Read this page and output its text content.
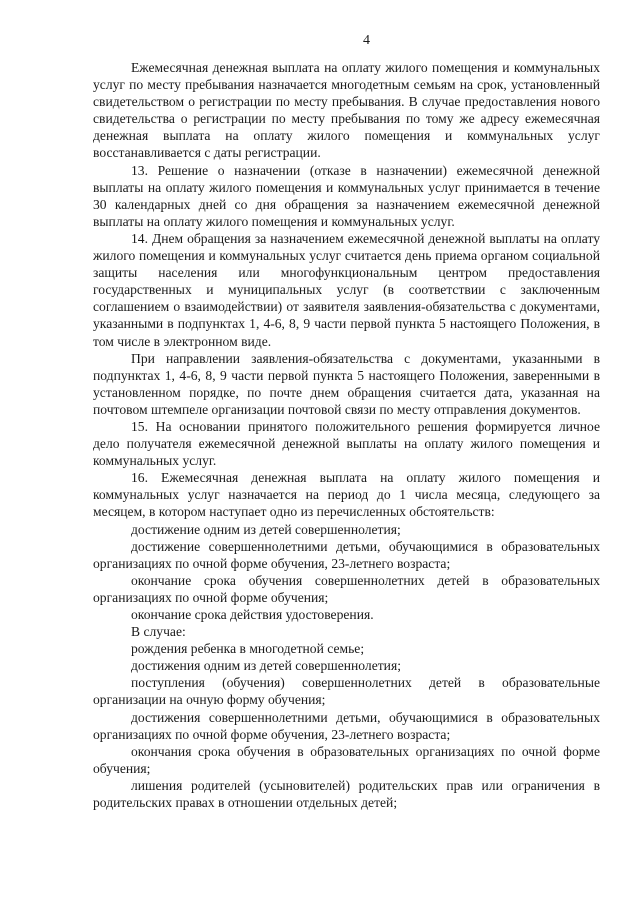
4

Ежемесячная денежная выплата на оплату жилого помещения и коммунальных услуг по месту пребывания назначается многодетным семьям на срок, установленный свидетельством о регистрации по месту пребывания. В случае предоставления нового свидетельства о регистрации по месту пребывания по тому же адресу ежемесячная денежная выплата на оплату жилого помещения и коммунальных услуг восстанавливается с даты регистрации.

13. Решение о назначении (отказе в назначении) ежемесячной денежной выплаты на оплату жилого помещения и коммунальных услуг принимается в течение 30 календарных дней со дня обращения за назначением ежемесячной денежной выплаты на оплату жилого помещения и коммунальных услуг.

14. Днем обращения за назначением ежемесячной денежной выплаты на оплату жилого помещения и коммунальных услуг считается день приема органом социальной защиты населения или многофункциональным центром предоставления государственных и муниципальных услуг (в соответствии с заключенным соглашением о взаимодействии) от заявителя заявления-обязательства с документами, указанными в подпунктах 1, 4-6, 8, 9 части первой пункта 5 настоящего Положения, в том числе в электронном виде.

При направлении заявления-обязательства с документами, указанными в подпунктах 1, 4-6, 8, 9 части первой пункта 5 настоящего Положения, заверенными в установленном порядке, по почте днем обращения считается дата, указанная на почтовом штемпеле организации почтовой связи по месту отправления документов.

15. На основании принятого положительного решения формируется личное дело получателя ежемесячной денежной выплаты на оплату жилого помещения и коммунальных услуг.

16. Ежемесячная денежная выплата на оплату жилого помещения и коммунальных услуг назначается на период до 1 числа месяца, следующего за месяцем, в котором наступает одно из перечисленных обстоятельств:

достижение одним из детей совершеннолетия;

достижение совершеннолетними детьми, обучающимися в образовательных организациях по очной форме обучения, 23-летнего возраста;

окончание срока обучения совершеннолетних детей в образовательных организациях по очной форме обучения;

окончание срока действия удостоверения.

В случае:

рождения ребенка в многодетной семье;

достижения одним из детей совершеннолетия;

поступления (обучения) совершеннолетних детей в образовательные организации на очную форму обучения;

достижения совершеннолетними детьми, обучающимися в образовательных организациях по очной форме обучения, 23-летнего возраста;

окончания срока обучения в образовательных организациях по очной форме обучения;

лишения родителей (усыновителей) родительских прав или ограничения в родительских правах в отношении отдельных детей;
